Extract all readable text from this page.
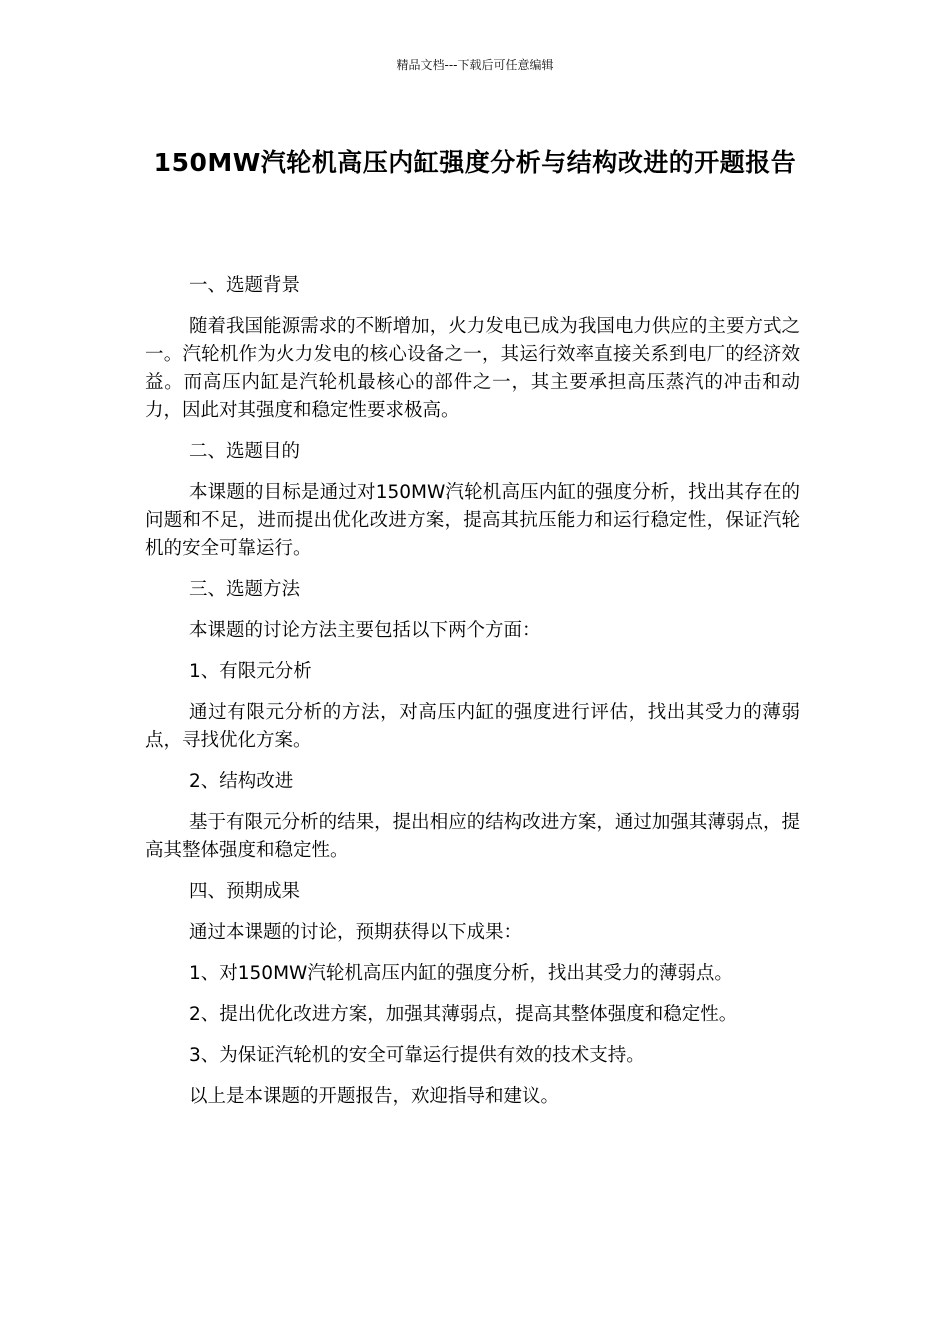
精品文档---下载后可任意编辑
150MW汽轮机高压内缸强度分析与结构改进的开题报告

一、选题背景

随着我国能源需求的不断增加，火力发电已成为我国电力供应的主要方式之一。汽轮机作为火力发电的核心设备之一，其运行效率直接关系到电厂的经济效益。而高压内缸是汽轮机最核心的部件之一，其主要承担高压蒸汽的冲击和动力，因此对其强度和稳定性要求极高。

二、选题目的

本课题的目标是通过对150MW汽轮机高压内缸的强度分析，找出其存在的问题和不足，进而提出优化改进方案，提高其抗压能力和运行稳定性，保证汽轮机的安全可靠运行。

三、选题方法

本课题的讨论方法主要包括以下两个方面：

1、有限元分析

通过有限元分析的方法，对高压内缸的强度进行评估，找出其受力的薄弱点，寻找优化方案。

2、结构改进

基于有限元分析的结果，提出相应的结构改进方案，通过加强其薄弱点，提高其整体强度和稳定性。

四、预期成果

通过本课题的讨论，预期获得以下成果：

1、对150MW汽轮机高压内缸的强度分析，找出其受力的薄弱点。

2、提出优化改进方案，加强其薄弱点，提高其整体强度和稳定性。

3、为保证汽轮机的安全可靠运行提供有效的技术支持。

以上是本课题的开题报告，欢迎指导和建议。
